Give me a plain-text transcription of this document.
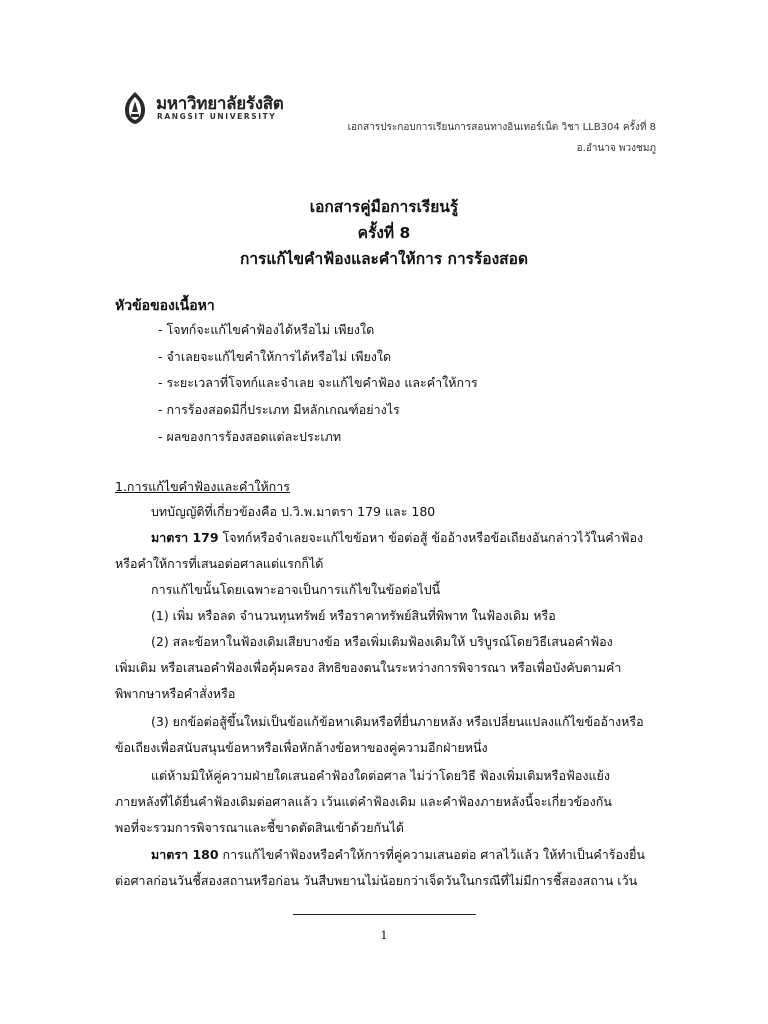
มหาวิทยาลัยรังสิต
RANGSIT UNIVERSITY
เอกสารประกอบการเรียนการสอนทางอินเทอร์เน็ต วิชา LLB304 ครั้งที่ 8
อ.อำนาจ พวงชมภู
เอกสารคู่มือการเรียนรู้
ครั้งที่ 8
การแก้ไขคำฟ้องและคำให้การ การร้องสอด
หัวข้อของเนื้อหา
- โจทก์จะแก้ไขคำฟ้องได้หรือไม่ เพียงใด
- จำเลยจะแก้ไขคำให้การได้หรือไม่ เพียงใด
- ระยะเวลาที่โจทก์และจำเลย จะแก้ไขคำฟ้อง และคำให้การ
- การร้องสอดมีกี่ประเภท มีหลักเกณฑ์อย่างไร
- ผลของการร้องสอดแต่ละประเภท
1.การแก้ไขคำฟ้องและคำให้การ
บทบัญญัติที่เกี่ยวข้องคือ ป.วิ.พ.มาตรา 179 และ 180
มาตรา 179 โจทก์หรือจำเลยจะแก้ไขข้อหา ข้อต่อสู้ ข้ออ้างหรือข้อเถียงอันกล่าวไว้ในคำฟ้อง
หรือคำให้การที่เสนอต่อศาลแต่แรกก็ได้
การแก้ไขนั้นโดยเฉพาะอาจเป็นการแก้ไขในข้อต่อไปนี้
(1) เพิ่ม หรือลด จำนวนทุนทรัพย์ หรือราคาทรัพย์สินที่พิพาท ในฟ้องเดิม หรือ
(2) สละข้อหาในฟ้องเดิมเสียบางข้อ หรือเพิ่มเติมฟ้องเดิมให้ บริบูรณ์โดยวิธีเสนอคำฟ้อง
เพิ่มเติม หรือเสนอคำฟ้องเพื่อคุ้มครอง สิทธิของตนในระหว่างการพิจารณา หรือเพื่อบังคับตามคำ
พิพากษาหรือคำสั่งหรือ
(3) ยกข้อต่อสู้ขึ้นใหม่เป็นข้อแก้ข้อหาเดิมหรือที่ยื่นภายหลัง หรือเปลี่ยนแปลงแก้ไขข้ออ้างหรือ
ข้อเถียงเพื่อสนับสนุนข้อหาหรือเพื่อหักล้างข้อหาของคู่ความอีกฝ่ายหนึ่ง
แต่ห้ามมิให้คู่ความฝ่ายใดเสนอคำฟ้องใดต่อศาล ไม่ว่าโดยวิธี ฟ้องเพิ่มเติมหรือฟ้องแย้ง
ภายหลังที่ได้ยื่นคำฟ้องเดิมต่อศาลแล้ว เว้นแต่คำฟ้องเดิม และคำฟ้องภายหลังนี้จะเกี่ยวข้องกัน
พอที่จะรวมการพิจารณาและชี้ขาดตัดสินเข้าด้วยกันได้
มาตรา 180 การแก้ไขคำฟ้องหรือคำให้การที่คู่ความเสนอต่อ ศาลไว้แล้ว ให้ทำเป็นคำร้องยื่น
ต่อศาลก่อนวันชี้สองสถานหรือก่อน วันสืบพยานไม่น้อยกว่าเจ็ดวันในกรณีที่ไม่มีการชี้สองสถาน เว้น
1
